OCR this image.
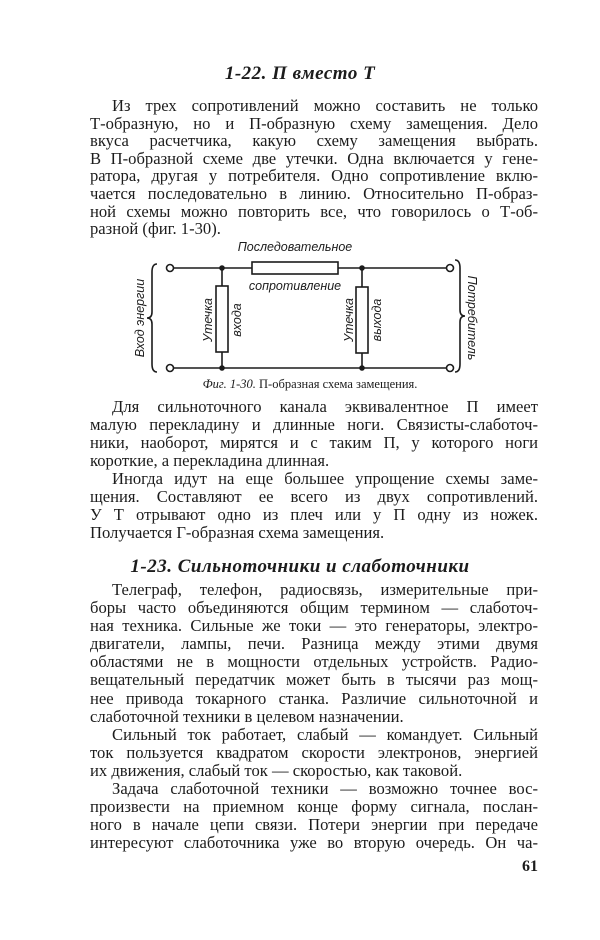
1-22. П вместо Т
Из трех сопротивлений можно составить не только
Т-образную, но и П-образную схему замещения. Дело
вкуса расчетчика, какую схему замещения выбрать.
В П-образной схеме две утечки. Одна включается у гене-
ратора, другая у потребителя. Одно сопротивление вклю-
чается последовательно в линию. Относительно П-образ-
ной схемы можно повторить все, что говорилось о Т-об-
разной (фиг. 1-30).
Последовательное
сопротивление
Утечка входа	Утечка выхода
Вход энергии	Потребитель
Фиг. 1-30. П-образная схема замещения.
Для сильноточного канала эквивалентное П имеет
малую перекладину и длинные ноги. Связисты-слаботоч-
ники, наоборот, мирятся и с таким П, у которого ноги
короткие, а перекладина длинная.
Иногда идут на еще большее упрощение схемы заме-
щения. Составляют ее всего из двух сопротивлений.
У Т отрывают одно из плеч или у П одну из ножек.
Получается Г-образная схема замещения.
1-23. Сильноточники и слаботочники
Телеграф, телефон, радиосвязь, измерительные при-
боры часто объединяются общим термином — слаботоч-
ная техника. Сильные же токи — это генераторы, электро-
двигатели, лампы, печи. Разница между этими двумя
областями не в мощности отдельных устройств. Радио-
вещательный передатчик может быть в тысячи раз мощ-
нее привода токарного станка. Различие сильноточной и
слаботочной техники в целевом назначении.
Сильный ток работает, слабый — командует. Сильный
ток пользуется квадратом скорости электронов, энергией
их движения, слабый ток — скоростью, как таковой.
Задача слаботочной техники — возможно точнее вос-
произвести на приемном конце форму сигнала, послан-
ного в начале цепи связи. Потери энергии при передаче
интересуют слаботочника уже во вторую очередь. Он ча-
61
